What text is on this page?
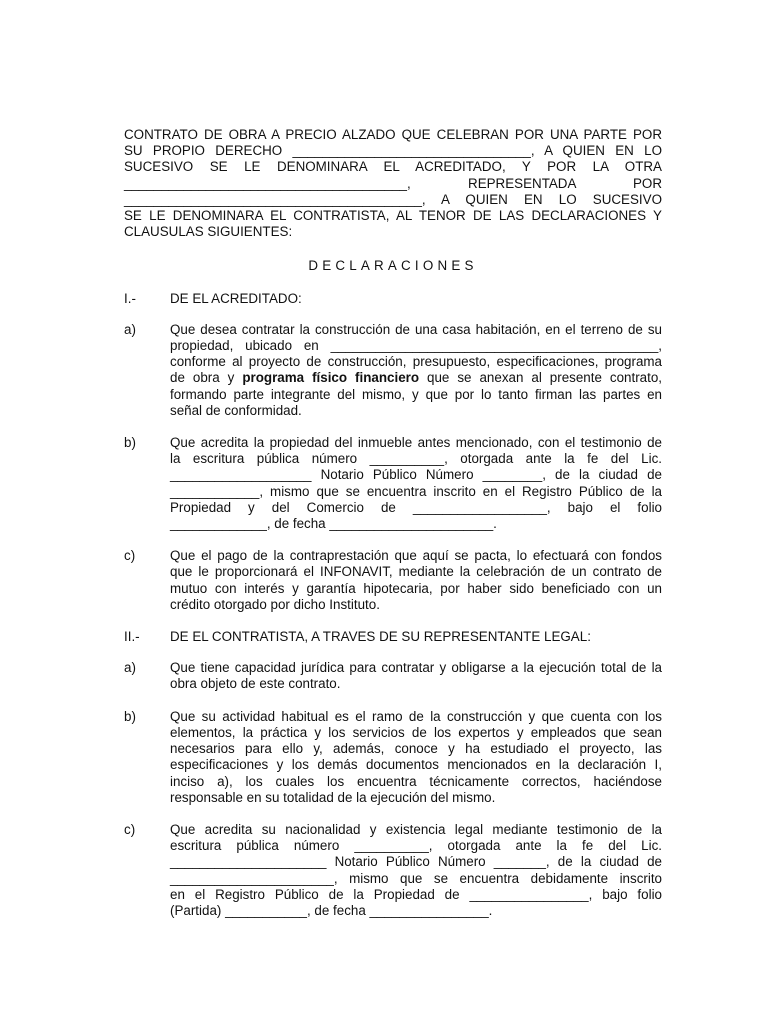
CONTRATO DE OBRA A PRECIO ALZADO QUE CELEBRAN POR UNA PARTE POR
SU PROPIO DERECHO ________________________________, A QUIEN EN LO
SUCESIVO SE LE DENOMINARA EL ACREDITADO, Y POR LA OTRA
______________________________________, REPRESENTADA POR
________________________________________, A QUIEN EN LO SUCESIVO
SE LE DENOMINARA EL CONTRATISTA, AL TENOR DE LAS DECLARACIONES Y
CLAUSULAS SIGUIENTES:

DECLARACIONES
I.-	DE EL ACREDITADO:
a)	Que desea contratar la construcción de una casa habitación, en el terreno de su
propiedad, ubicado en ____________________________________________,
conforme al proyecto de construcción, presupuesto, especificaciones, programa
de obra y programa físico financiero que se anexan al presente contrato,
formando parte integrante del mismo, y que por lo tanto firman las partes en
señal de conformidad.
b)	Que acredita la propiedad del inmueble antes mencionado, con el testimonio de
la escritura pública número __________, otorgada ante la fe del Lic.
___________________ Notario Público Número ________, de la ciudad de
____________, mismo que se encuentra inscrito en el Registro Público de la
Propiedad y del Comercio de __________________, bajo el folio
_____________, de fecha ______________________.
c)	Que el pago de la contraprestación que aquí se pacta, lo efectuará con fondos
que le proporcionará el INFONAVIT, mediante la celebración de un contrato de
mutuo con interés y garantía hipotecaria, por haber sido beneficiado con un
crédito otorgado por dicho Instituto.
II.-	DE EL CONTRATISTA, A TRAVES DE SU REPRESENTANTE LEGAL:
a)	Que tiene capacidad jurídica para contratar y obligarse a la ejecución total de la
obra objeto de este contrato.
b)	Que su actividad habitual es el ramo de la construcción y que cuenta con los
elementos, la práctica y los servicios de los expertos y empleados que sean
necesarios para ello y, además, conoce y ha estudiado el proyecto, las
especificaciones y los demás documentos mencionados en la declaración I,
inciso a), los cuales los encuentra técnicamente correctos, haciéndose
responsable en su totalidad de la ejecución del mismo.
c)	Que acredita su nacionalidad y existencia legal mediante testimonio de la
escritura pública número __________, otorgada ante la fe del Lic.
_____________________ Notario Público Número _______, de la ciudad de
______________________, mismo que se encuentra debidamente inscrito
en el Registro Público de la Propiedad de ________________, bajo folio
(Partida) ___________, de fecha ________________.
